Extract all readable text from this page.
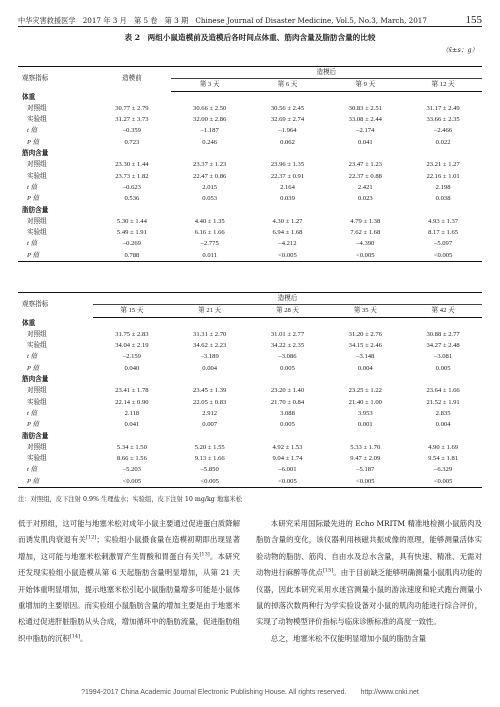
中华灾害救援医学　2017 年 3 月　第 5 卷　第 3 期　Chinese Journal of Disaster Medicine, Vol.5, No.3, March, 2017	155
表 2　两组小鼠造模前及造模后各时间点体重、筋肉含量及脂肪含量的比较
（x̄±s；g）
观察指标	造模前	造模后			
		第 3 天	第 6 天	第 9 天	第 12 天
体重					
对照组	30.77 ± 2.79	30.66 ± 2.50	30.56 ± 2.45	30.83 ± 2.51	31.17 ± 2.49
实验组	31.27 ± 3.73	32.00 ± 2.86	32.69 ± 2.74	33.08 ± 2.44	33.66 ± 2.35
t 值	–0.359	–1.187	–1.964	–2.174	–2.466
P 值	0.723	0.246	0.062	0.041	0.022
筋肉含量					
对照组	23.30 ± 1.44	23.37 ± 1.23	23.96 ± 1.35	23.47 ± 1.23	23.21 ± 1.27
实验组	23.73 ± 1.82	22.47 ± 0.86	22.37 ± 0.91	22.37 ± 0.88	22.16 ± 1.01
t 值	–0.623	2.015	2.164	2.421	2.198
P 值	0.536	0.053	0.039	0.023	0.038
脂肪含量					
对照组	5.30 ± 1.44	4.40 ± 1.35	4.30 ± 1.27	4.79 ± 1.38	4.93 ± 1.37
实验组	5.49 ± 1.91	6.16 ± 1.66	6.94 ± 1.68	7.62 ± 1.68	8.17 ± 1.65
t 值	–0.269	–2.775	–4.212	–4.390	–5.097
P 值	0.788	0.011	<0.005	<0.005	<0.005
观察指标	造模后				
	第 15 天	第 21 天	第 28 天	第 35 天	第 42 天
体重					
对照组	31.75 ± 2.83	31.31 ± 2.70	31.01 ± 2.77	31.20 ± 2.76	30.88 ± 2.77
实验组	34.04 ± 2.19	34.62 ± 2.23	34.22 ± 2.35	34.15 ± 2.46	34.27 ± 2.48
t 值	–2.159	–3.189	–3.086	–3.148	–3.081
P 值	0.040	0.004	0.005	0.004	0.005
筋肉含量					
对照组	23.41 ± 1.78	23.45 ± 1.39	23.20 ± 1.40	23.25 ± 1.22	23.64 ± 1.66
实验组	22.14 ± 0.90	22.05 ± 0.83	21.70 ± 0.84	21.40 ± 1.00	21.52 ± 1.91
t 值	2.118	2.912	3.088	3.953	2.835
P 值	0.041	0.007	0.005	0.001	0.004
脂肪含量					
对照组	5.34 ± 1.50	5.20 ± 1.55	4.92 ± 1.53	5.33 ± 1.70	4.90 ± 1.69
实验组	8.66 ± 1.56	9.13 ± 1.66	9.04 ± 1.74	9.47 ± 2.09	9.54 ± 1.81
t 值	–5.203	–5.850	–6.001	–5.187	–6.329
P 值	<0.005	<0.005	<0.005	<0.005	<0.005
注：对照组，皮下注射 0.9% 生理盐水；实验组，皮下注射 10 mg/kg 地塞米松

低于对照组，这可能与地塞米松对成年小鼠主要通过促进蛋白质降解而诱发肌肉衰退有关[12]；实验组小鼠摄食量在造模初期即出现显著增加，这可能与地塞米松刺激胃产生胃酸和胃蛋白有关[13]。本研究还发现实验组小鼠造模从第 6 天起脂肪含量明显增加，从第 21 天开始体重明显增加，提示地塞米松引起小鼠脂肪量增多可能是小鼠体重增加的主要原因。而实验组小鼠脂肪含量的增加主要是由于地塞米松通过促进肝脏脂肪从头合成，增加循环中的脂肪流量，促进脂肪组织中脂肪的沉积[14]。

本研究采用国际最先进的 Echo MRITM 精准地检测小鼠筋肉及脂肪含量的变化，该仪器利用核磁共振成像的原理，能够测量活体实验动物的脂肪、筋肉、自由水及总水含量，具有快速、精准、无需对动物进行麻醉等优点[15]。由于目前缺乏能够明确测量小鼠肌肉功能的仪器，因此本研究采用水迷宫测量小鼠的游泳速度和轮式跑台测量小鼠的掉落次数两种行为学实验设备对小鼠的肌肉功能进行综合评价，实现了动物模型评价指标与临床诊断标准的高度一致性。

总之，地塞米松不仅能明显增加小鼠的脂肪含量

?1994-2017 China Academic Journal Electronic Publishing House. All rights reserved.　　http://www.cnki.net
